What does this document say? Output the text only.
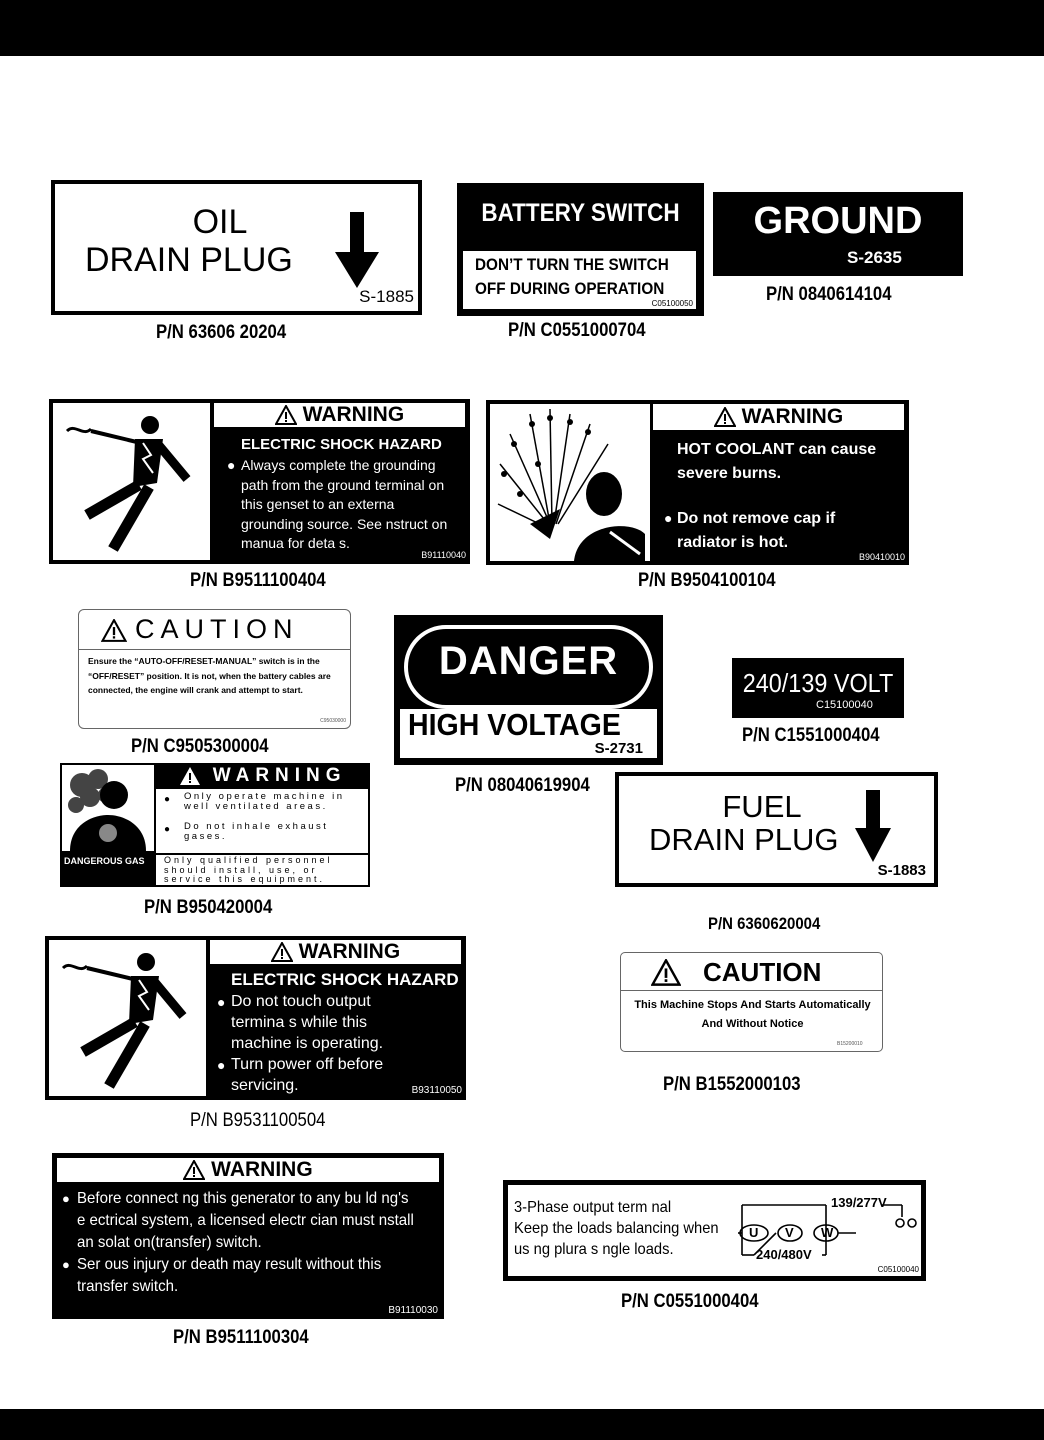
OIL
DRAIN PLUG
S-1885
P/N 63606 20204
BATTERY SWITCH
DON’T TURN THE SWITCH
OFF DURING OPERATION
C05100050
P/N C0551000704
GROUND
S-2635
P/N 0840614104
WARNING
ELECTRIC SHOCK HAZARD
● Always complete the grounding path from the ground terminal on this genset to an externa grounding source. See nstruct on manua for deta s.
B91110040
P/N B9511100404
WARNING
HOT COOLANT can cause severe burns.
● Do not remove cap if radiator is hot.
B90410010
P/N B9504100104
CAUTION
Ensure the “AUTO-OFF/RESET-MANUAL” switch is in the “OFF/RESET” position. It is not, when the battery cables are connected, the engine will crank and attempt to start.
C95030000
P/N C9505300004
DANGER
HIGH VOLTAGE
S-2731
P/N 08040619904
240/139 VOLT
C15100040
P/N C1551000404
DANGEROUS GAS
WARNING
● Only operate machine in well ventilated areas.
● Do not inhale exhaust gases.
Only qualified personnel should install, use, or service this equipment.
P/N B950420004
FUEL
DRAIN PLUG
S-1883
P/N 6360620004
WARNING
ELECTRIC SHOCK HAZARD
● Do not touch output termina s while this machine is operating.
● Turn power off before servicing.	B93110050
P/N B9531100504
CAUTION
This Machine Stops And Starts Automatically
And Without Notice
B15200010
P/N B1552000103
WARNING
● Before connect ng this generator to any bu ld ng's e ectrical system, a licensed electr cian must nstall an solat on(transfer) switch.
● Ser ous injury or death may result without this transfer switch.
B91110030
P/N B9511100304
3-Phase output term nal
Keep the loads balancing when
us ng plura s ngle loads.
139/277V
U V W
240/480V
C05100040
P/N C0551000404
